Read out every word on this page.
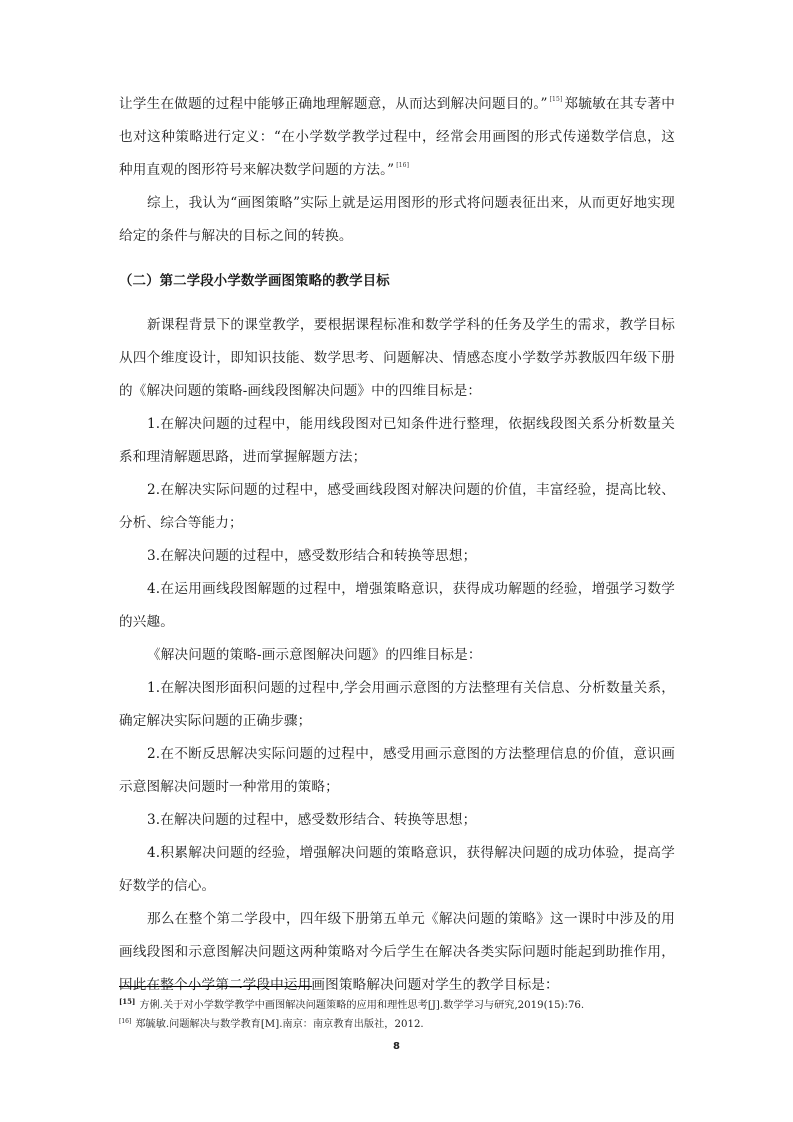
让学生在做题的过程中能够正确地理解题意，从而达到解决问题目的。” [15] 郑毓敏在其专著中也对这种策略进行定义：“在小学数学教学过程中，经常会用画图的形式传递数学信息，这种用直观的图形符号来解决数学问题的方法。” [16]

综上，我认为“画图策略”实际上就是运用图形的形式将问题表征出来，从而更好地实现给定的条件与解决的目标之间的转换。

（二）第二学段小学数学画图策略的教学目标

新课程背景下的课堂教学，要根据课程标准和数学学科的任务及学生的需求，教学目标从四个维度设计，即知识技能、数学思考、问题解决、情感态度小学数学苏教版四年级下册的《解决问题的策略-画线段图解决问题》中的四维目标是：

1.在解决问题的过程中，能用线段图对已知条件进行整理，依据线段图关系分析数量关系和理清解题思路，进而掌握解题方法；

2.在解决实际问题的过程中，感受画线段图对解决问题的价值，丰富经验，提高比较、分析、综合等能力；

3.在解决问题的过程中，感受数形结合和转换等思想；

4.在运用画线段图解题的过程中，增强策略意识，获得成功解题的经验，增强学习数学的兴趣。

《解决问题的策略-画示意图解决问题》的四维目标是：

1.在解决图形面积问题的过程中,学会用画示意图的方法整理有关信息、分析数量关系，确定解决实际问题的正确步骤；

2.在不断反思解决实际问题的过程中，感受用画示意图的方法整理信息的价值，意识画示意图解决问题时一种常用的策略；

3.在解决问题的过程中，感受数形结合、转换等思想；

4.积累解决问题的经验，增强解决问题的策略意识，获得解决问题的成功体验，提高学好数学的信心。

那么在整个第二学段中，四年级下册第五单元《解决问题的策略》这一课时中涉及的用画线段图和示意图解决问题这两种策略对今后学生在解决各类实际问题时能起到助推作用，因此在整个小学第二学段中运用画图策略解决问题对学生的教学目标是：

[15] 方俐.关于对小学数学教学中画图解决问题策略的应用和理性思考[J].数学学习与研究,2019(15):76.
[16] 郑毓敏.问题解决与数学教育[M].南京：南京教育出版社，2012.
8
